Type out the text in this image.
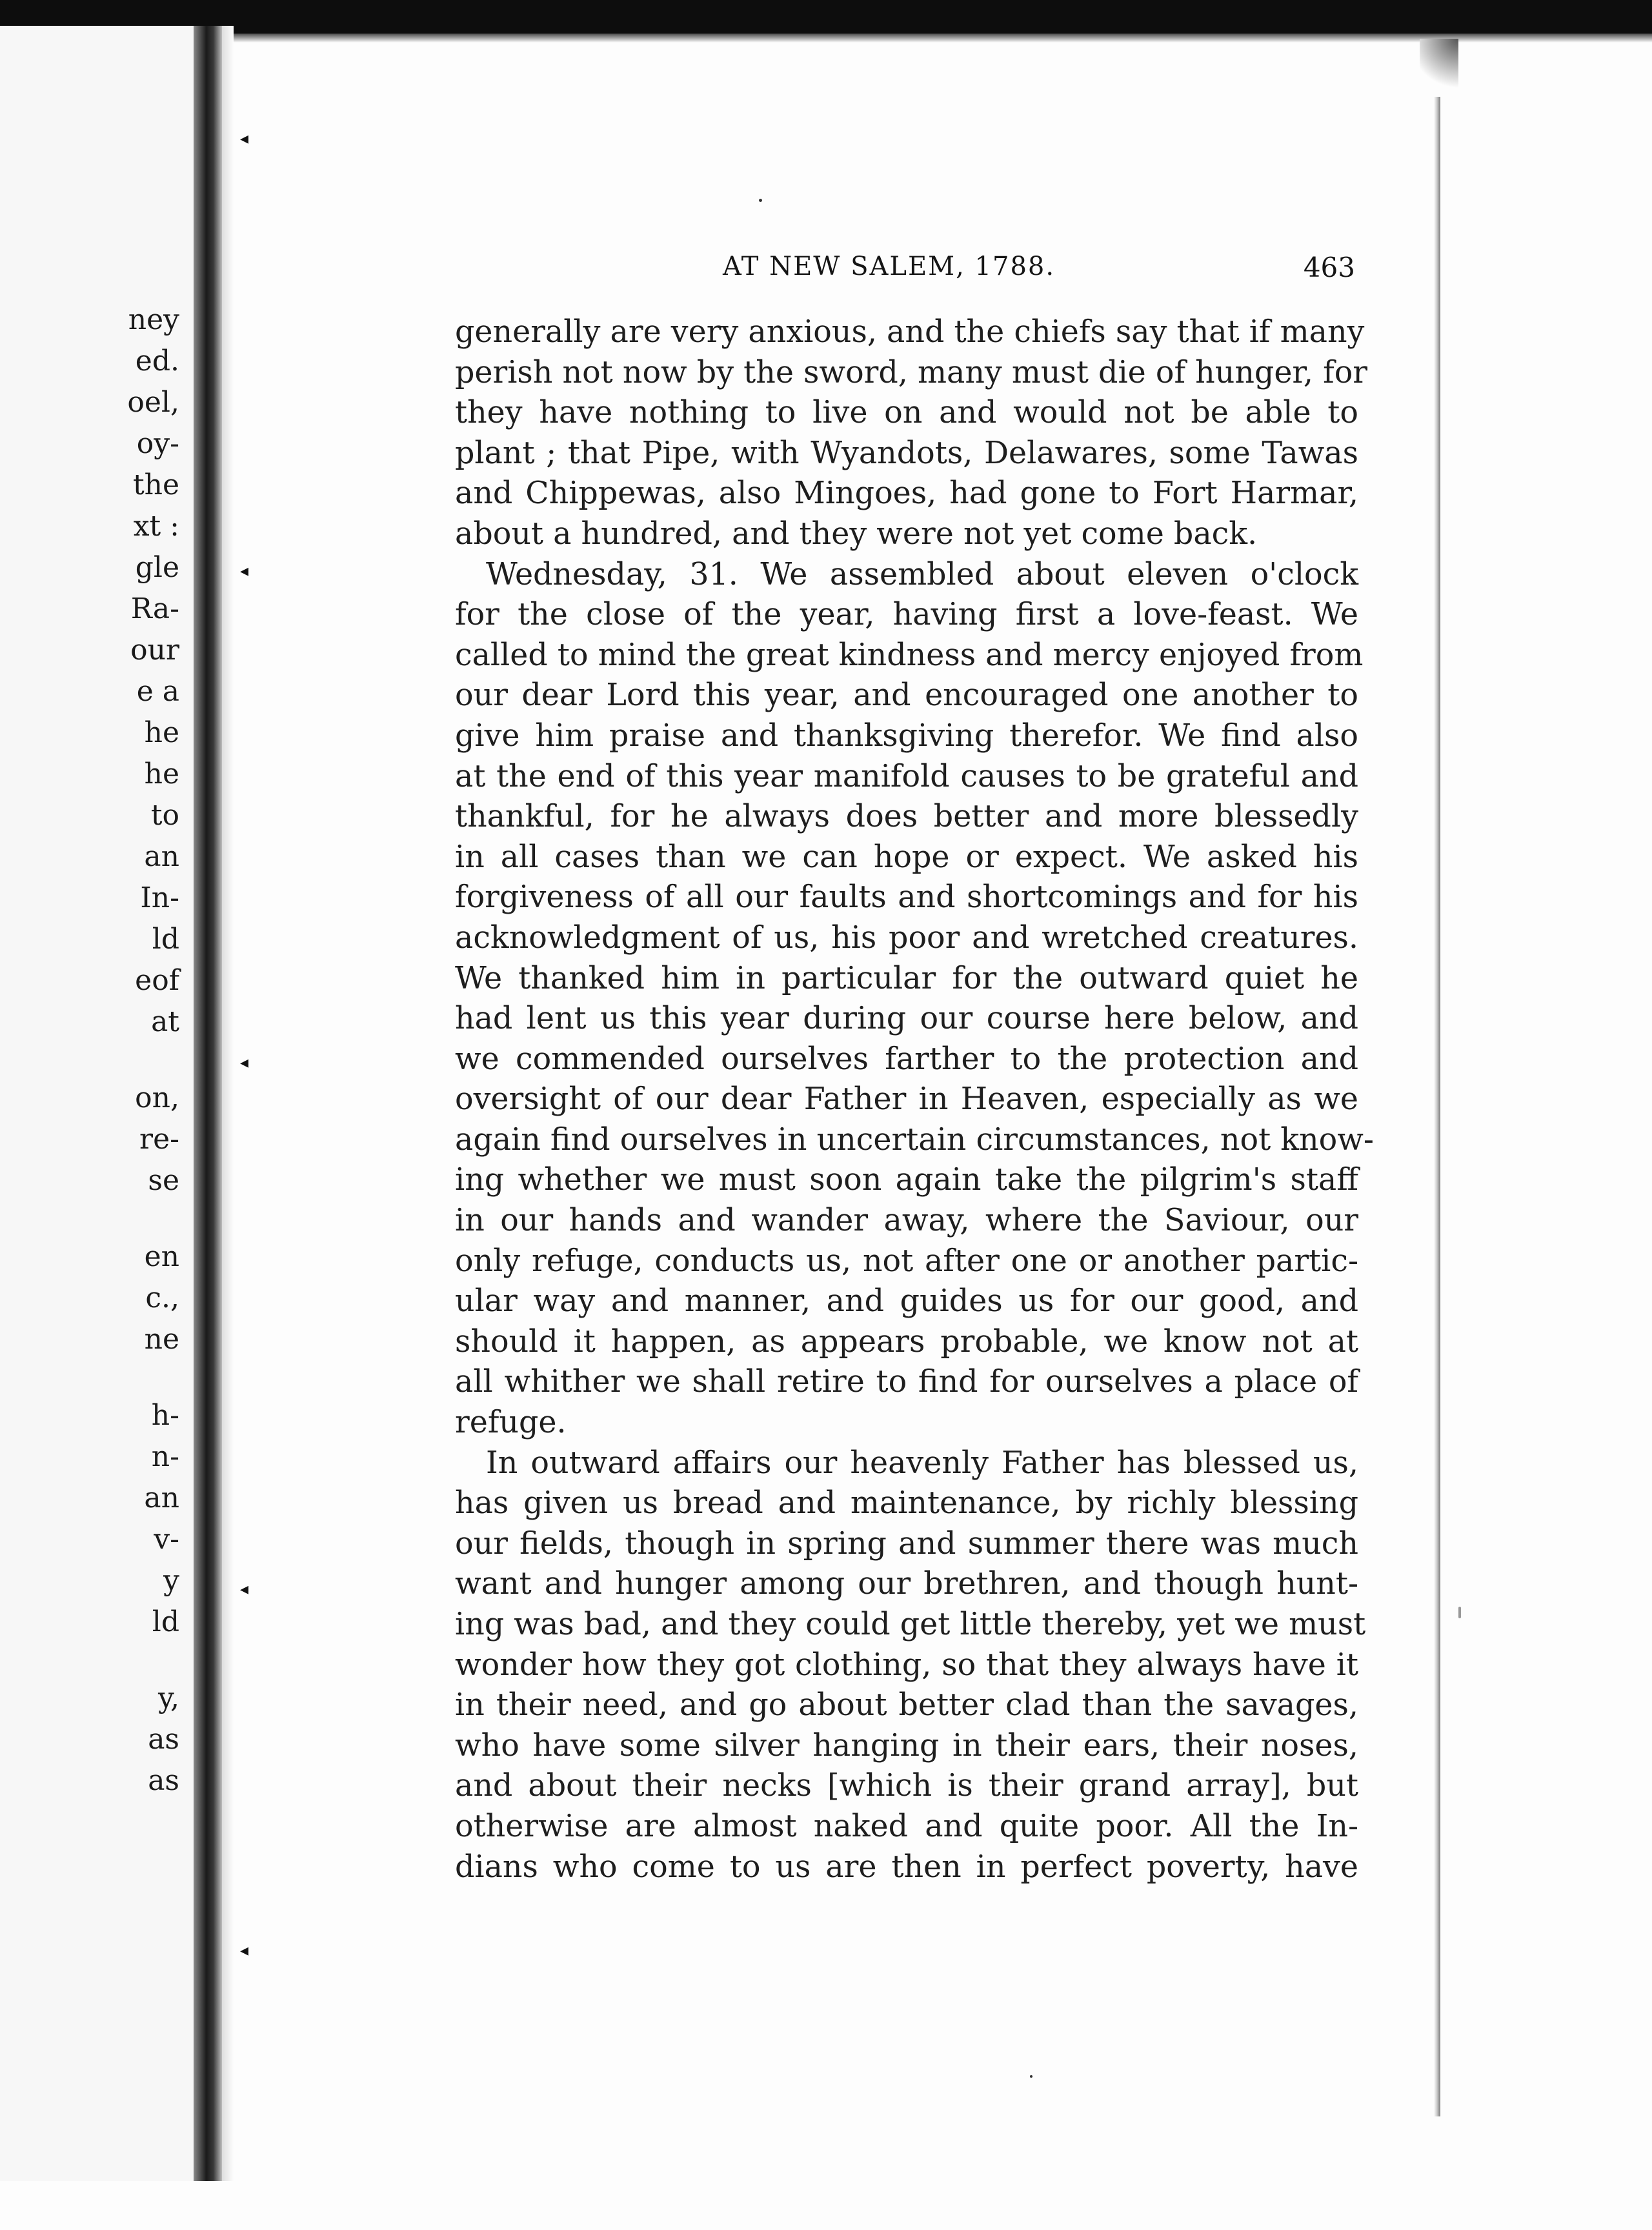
ney
ed.
oel,
oy-
the
xt :
gle
Ra-
our
e a
he
he
to
an
In-
ld
eof
at
on,
re-
se
en
c.,
ne
h-
n-
an
v-
y
ld
y,
as
as
◂
◂
◂
◂
◂
AT NEW SALEM, 1788.	463
generally are very anxious, and the chiefs say that if many
perish not now by the sword, many must die of hunger, for
they have nothing to live on and would not be able to
plant ; that Pipe, with Wyandots, Delawares, some Tawas
and Chippewas, also Mingoes, had gone to Fort Harmar,
about a hundred, and they were not yet come back.
Wednesday, 31. We assembled about eleven o'clock
for the close of the year, having first a love-feast. We
called to mind the great kindness and mercy enjoyed from
our dear Lord this year, and encouraged one another to
give him praise and thanksgiving therefor. We find also
at the end of this year manifold causes to be grateful and
thankful, for he always does better and more blessedly
in all cases than we can hope or expect. We asked his
forgiveness of all our faults and shortcomings and for his
acknowledgment of us, his poor and wretched creatures.
We thanked him in particular for the outward quiet he
had lent us this year during our course here below, and
we commended ourselves farther to the protection and
oversight of our dear Father in Heaven, especially as we
again find ourselves in uncertain circumstances, not know-
ing whether we must soon again take the pilgrim's staff
in our hands and wander away, where the Saviour, our
only refuge, conducts us, not after one or another partic-
ular way and manner, and guides us for our good, and
should it happen, as appears probable, we know not at
all whither we shall retire to find for ourselves a place of
refuge.
In outward affairs our heavenly Father has blessed us,
has given us bread and maintenance, by richly blessing
our fields, though in spring and summer there was much
want and hunger among our brethren, and though hunt-
ing was bad, and they could get little thereby, yet we must
wonder how they got clothing, so that they always have it
in their need, and go about better clad than the savages,
who have some silver hanging in their ears, their noses,
and about their necks [which is their grand array], but
otherwise are almost naked and quite poor. All the In-
dians who come to us are then in perfect poverty, have
